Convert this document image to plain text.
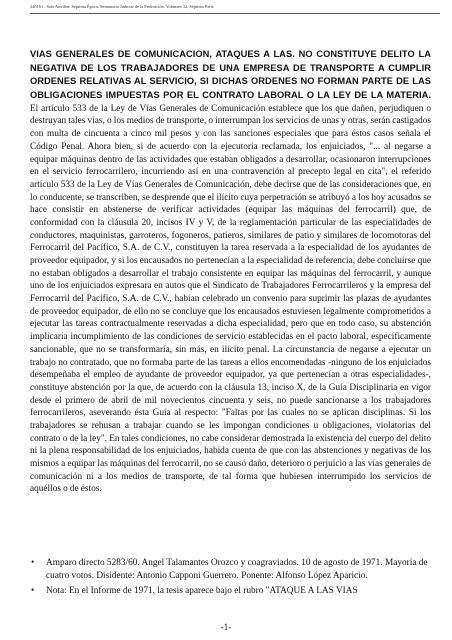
246161 . Sala Auxiliar. Séptima Época. Semanario Judicial de la Federación. Volumen 32, Séptima Parte
VIAS GENERALES DE COMUNICACION, ATAQUES A LAS. NO CONSTITUYE DELITO LA NEGATIVA DE LOS TRABAJADORES DE UNA EMPRESA DE TRANSPORTE A CUMPLIR ORDENES RELATIVAS AL SERVICIO, SI DICHAS ORDENES NO FORMAN PARTE DE LAS OBLIGACIONES IMPUESTAS POR EL CONTRATO LABORAL O LA LEY DE LA MATERIA. El artículo 533 de la Ley de Vías Generales de Comunicación establece que los que dañen, perjudiquen o destruyan tales vías, o los medios de transporte, o interrumpan los servicios de unas y otras, serán castigados con multa de cincuenta a cinco mil pesos y con las sanciones especiales que para éstos casos señala el Código Penal. Ahora bien, si de acuerdo con la ejecutoria reclamada, los enjuiciados, "... al negarse a equipar máquinas dentro de las actividades que estaban obligados a desarrollar, ocasionaron interrupciones en el servicio ferrocarrilero, incurriendo así en una contravención al precepto legal en cita", el referido artículo 533 de la Ley de Vías Generales de Comunicación, debe decirse que de las consideraciones que, en lo conducente, se transcriben, se desprende que el ilícito cuya perpetración se atribuyó a los hoy acusados se hace consistir en abstenerse de verificar actividades (equipar las máquinas del ferrocarril) que, de conformidad con la cláusula 20, incisos IV y V, de la reglamentación particular de las especialidades de conductores, maquinistas, garroteros, fogoneros, patieros, similares de patio y similares de locomotoras del Ferrocarril del Pacífico, S.A. de C.V., constituyen la tarea reservada a la especialidad de los ayudantes de proveedor equipador, y si los encausados no pertenecían a la especialidad de referencia, debe concluirse que no estaban obligados a desarrollar el trabajo consistente en equipar las máquinas del ferrocarril, y aunque uno de los enjuiciados expresara en autos que el Sindicato de Trabajadores Ferrocarrileros y la empresa del Ferrocarril del Pacífico, S.A. de C.V., habían celebrado un convenio para suprimir las plazas de ayudantes de proveedor equipador, de ello no se concluye que los encausados estuviesen legalmente comprometidos a ejecutar las tareas contractualmente reservadas a dicha especialidad, pero que en todo caso, su abstención implicaría incumplimiento de las condiciones de servicio establecidas en el pacto laboral, específicamente sancionable, que no se transformaría, sin más, en ilícito penal. La circunstancia de negarse a ejecutar un trabajo no contratado, que no formaba parte de las tareas a ellos encomendadas -ninguno de los enjuiciados desempeñaba el empleo de ayudante de proveedor equipador, ya que pertenecían a otras especialidades-, constituye abstención por la que, de acuerdo con la cláusula 13, inciso X, de la Guía Disciplinaria en vigor desde el primero de abril de mil novecientos cincuenta y seis, no puede sancionarse a los trabajadores ferrocarrileros, aseverando ésta Guía al respecto: "Faltas por las cuales no se aplican disciplinas. Si los trabajadores se rehusan a trabajar cuando se les impongan condiciones u obligaciones, violatorias del contrato o de la ley". En tales condiciones, no cabe considerar demostrada la existencia del cuerpo del delito ni la plena responsabilidad de los enjuiciados, habida cuenta de que con las abstenciones y negativas de los mismos a equipar las máquinas del ferrocarril, no se causó daño, deterioro o perjuicio a las vías generales de comunicación ni a los medios de transporte, de tal forma que hubiesen interrumpido los servicios de aquéllos o de éstos.
• Amparo directo 5283/60. Angel Talamantes Orozco y coagraviados. 10 de agosto de 1971. Mayoría de cuatro votos. Disidente: Antonio Capponi Guerrero. Ponente: Alfonso López Aparicio.
• Nota: En el Informe de 1971, la tesis aparece bajo el rubro "ATAQUE A LAS VIAS
-1-
